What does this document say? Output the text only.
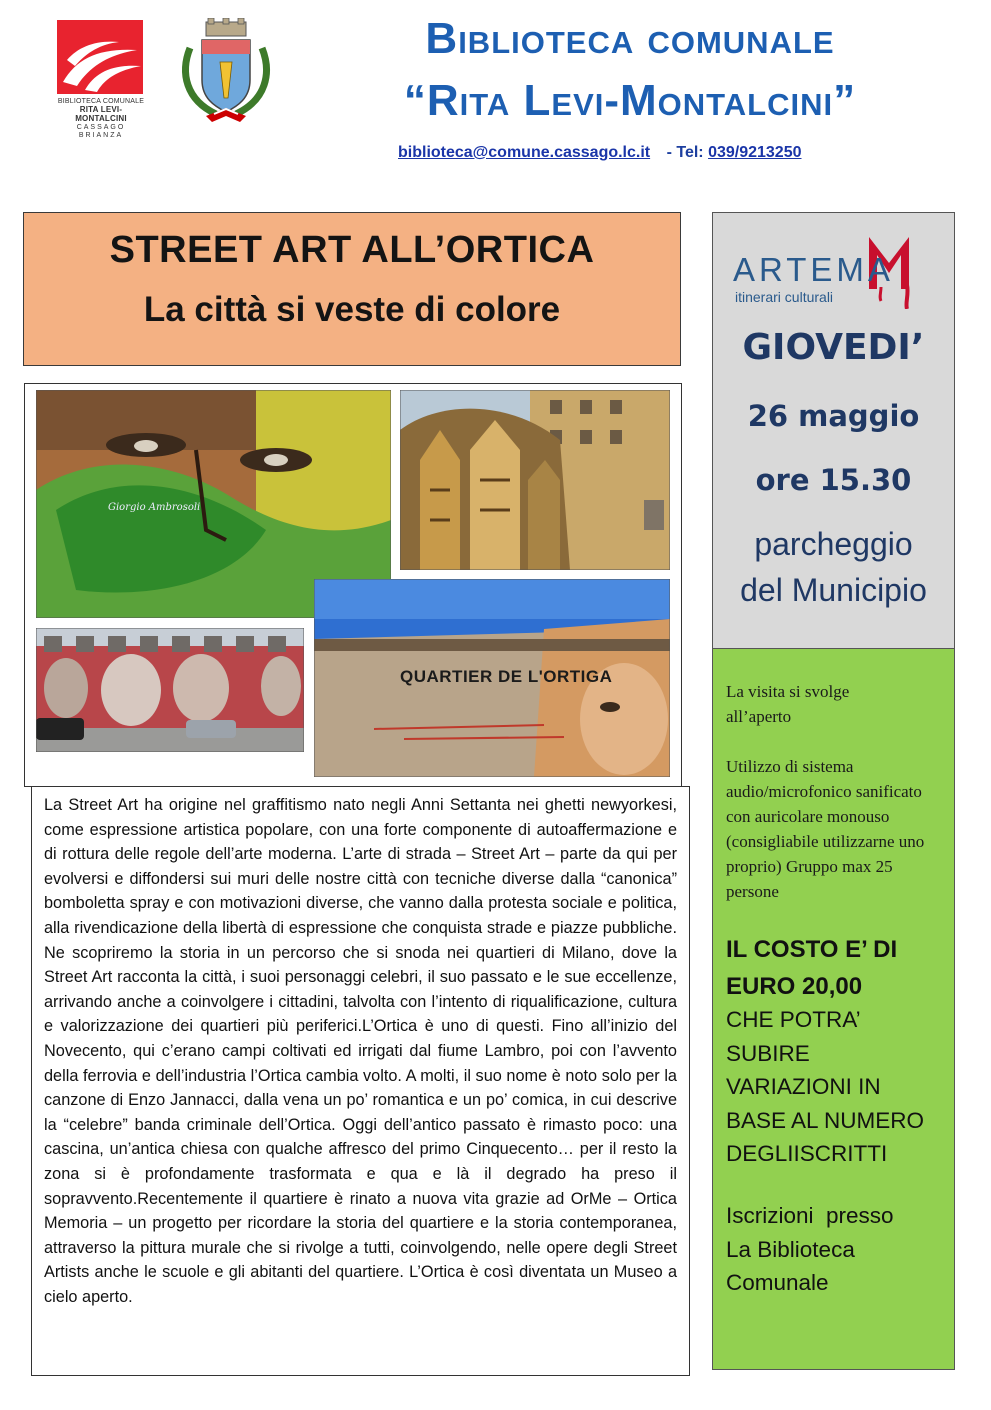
BIBLIOTECA COMUNALE
RITA LEVI-MONTALCINI
CASSAGO BRIANZA
Biblioteca comunale
“Rita Levi-Montalcini”
biblioteca@comune.cassago.lc.it - Tel: 039/9213250
STREET ART ALL’ORTICA
La città si veste di colore
Giorgio Ambrosoli
QUARTIER DE L'ORTIGA

La Street Art ha origine nel graffitismo nato negli Anni Settanta nei ghetti newyorkesi, come espressione artistica popolare, con una forte componente di autoaffermazione e di rottura delle regole dell’arte moderna. L’arte di strada – Street Art – parte da qui per evolversi e diffondersi sui muri delle nostre città con tecniche diverse dalla “canonica” bomboletta spray e con motivazioni diverse, che vanno dalla protesta sociale e politica, alla rivendicazione della libertà di espressione che conquista strade e piazze pubbliche. Ne scopriremo la storia in un percorso che si snoda nei quartieri di Milano, dove la Street Art racconta la città, i suoi personaggi celebri, il suo passato e le sue eccellenze, arrivando anche a coinvolgere i cittadini, talvolta con l’intento di riqualificazione, cultura e valorizzazione dei quartieri più periferici.L’Ortica è uno di questi. Fino all’inizio del Novecento, qui c’erano campi coltivati ed irrigati dal fiume Lambro, poi con l’avvento della ferrovia e dell’industria l’Ortica cambia volto. A molti, il suo nome è noto solo per la canzone di Enzo Jannacci, dalla vena un po’ romantica e un po’ comica, in cui descrive la “celebre” banda criminale dell’Ortica. Oggi dell’antico passato è rimasto poco: una cascina, un’antica chiesa con qualche affresco del primo Cinquecento… per il resto la zona si è profondamente trasformata e qua e là il degrado ha preso il sopravvento.Recentemente il quartiere è rinato a nuova vita grazie ad OrMe – Ortica Memoria – un progetto per ricordare la storia del quartiere e la storia contemporanea, attraverso la pittura murale che si rivolge a tutti, coinvolgendo, nelle opere degli Street Artists anche le scuole e gli abitanti del quartiere. L’Ortica è così diventata un Museo a cielo aperto.

ARTEMA
itinerari culturali
GIOVEDI’
26 maggio
ore 15.30
parcheggio
del Municipio
La visita si svolge
all’aperto
Utilizzo di sistema audio/microfonico sanificato con auricolare monouso (consigliabile utilizzarne uno proprio) Gruppo max 25 persone
IL COSTO E’ DI
EURO 20,00
CHE POTRA’
SUBIRE
VARIAZIONI IN
BASE AL NUMERO
DEGLIISCRITTI
Iscrizioni  presso
La Biblioteca
Comunale
